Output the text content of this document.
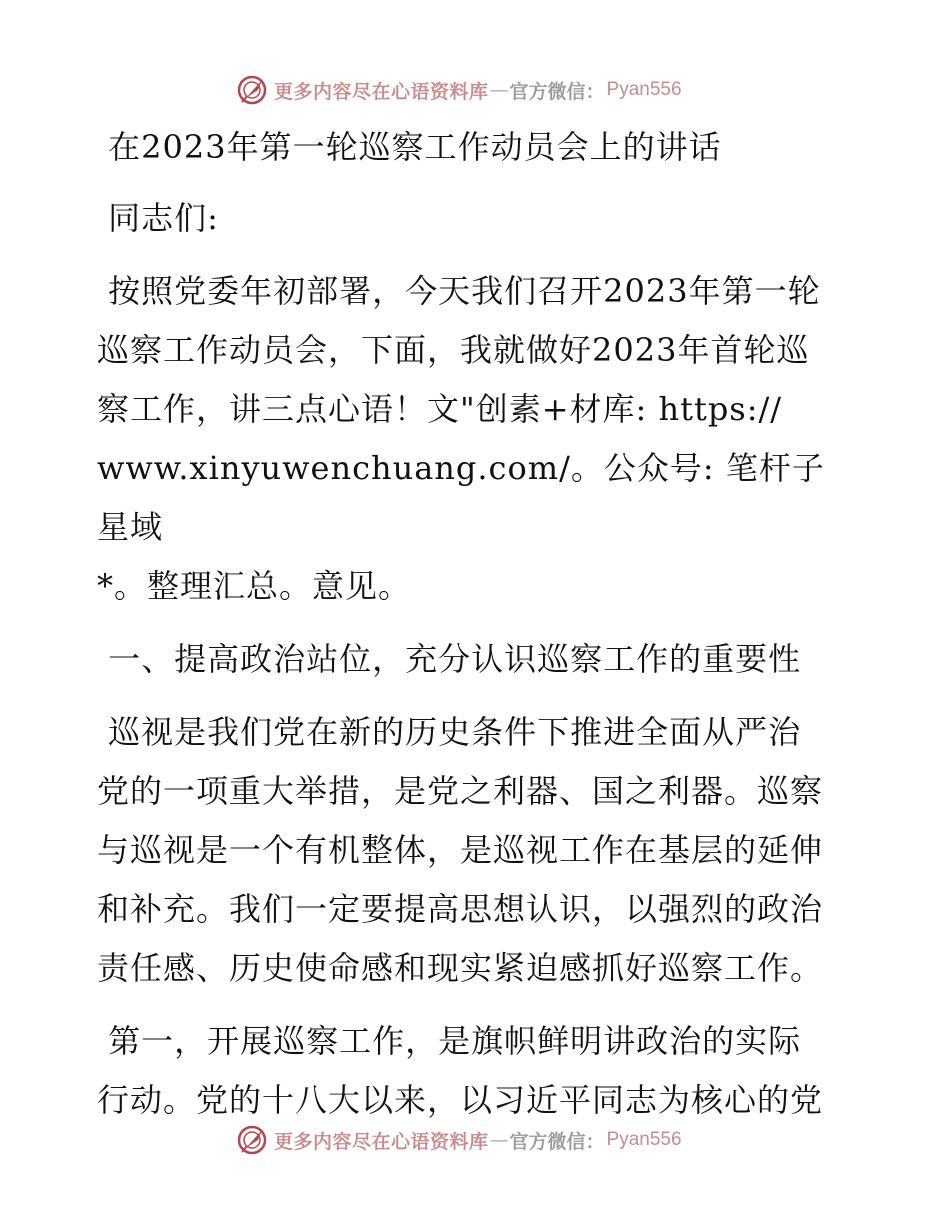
更多内容尽在心语资料库 — 官方微信： Pyan556
在2023年第一轮巡察工作动员会上的讲话
同志们:
按照党委年初部署，今天我们召开2023年第一轮
巡察工作动员会，下面，我就做好2023年首轮巡
察工作，讲三点心语！文"创素+材库: https://
www.xinyuwenchuang.com/。公众号: 笔杆子星域
*。整理汇总。意见。
一、提高政治站位，充分认识巡察工作的重要性
巡视是我们党在新的历史条件下推进全面从严治
党的一项重大举措，是党之利器、国之利器。巡察
与巡视是一个有机整体，是巡视工作在基层的延伸
和补充。我们一定要提高思想认识，以强烈的政治
责任感、历史使命感和现实紧迫感抓好巡察工作。
第一，开展巡察工作，是旗帜鲜明讲政治的实际
行动。党的十八大以来，以习近平同志为核心的党
更多内容尽在心语资料库 — 官方微信： Pyan556
